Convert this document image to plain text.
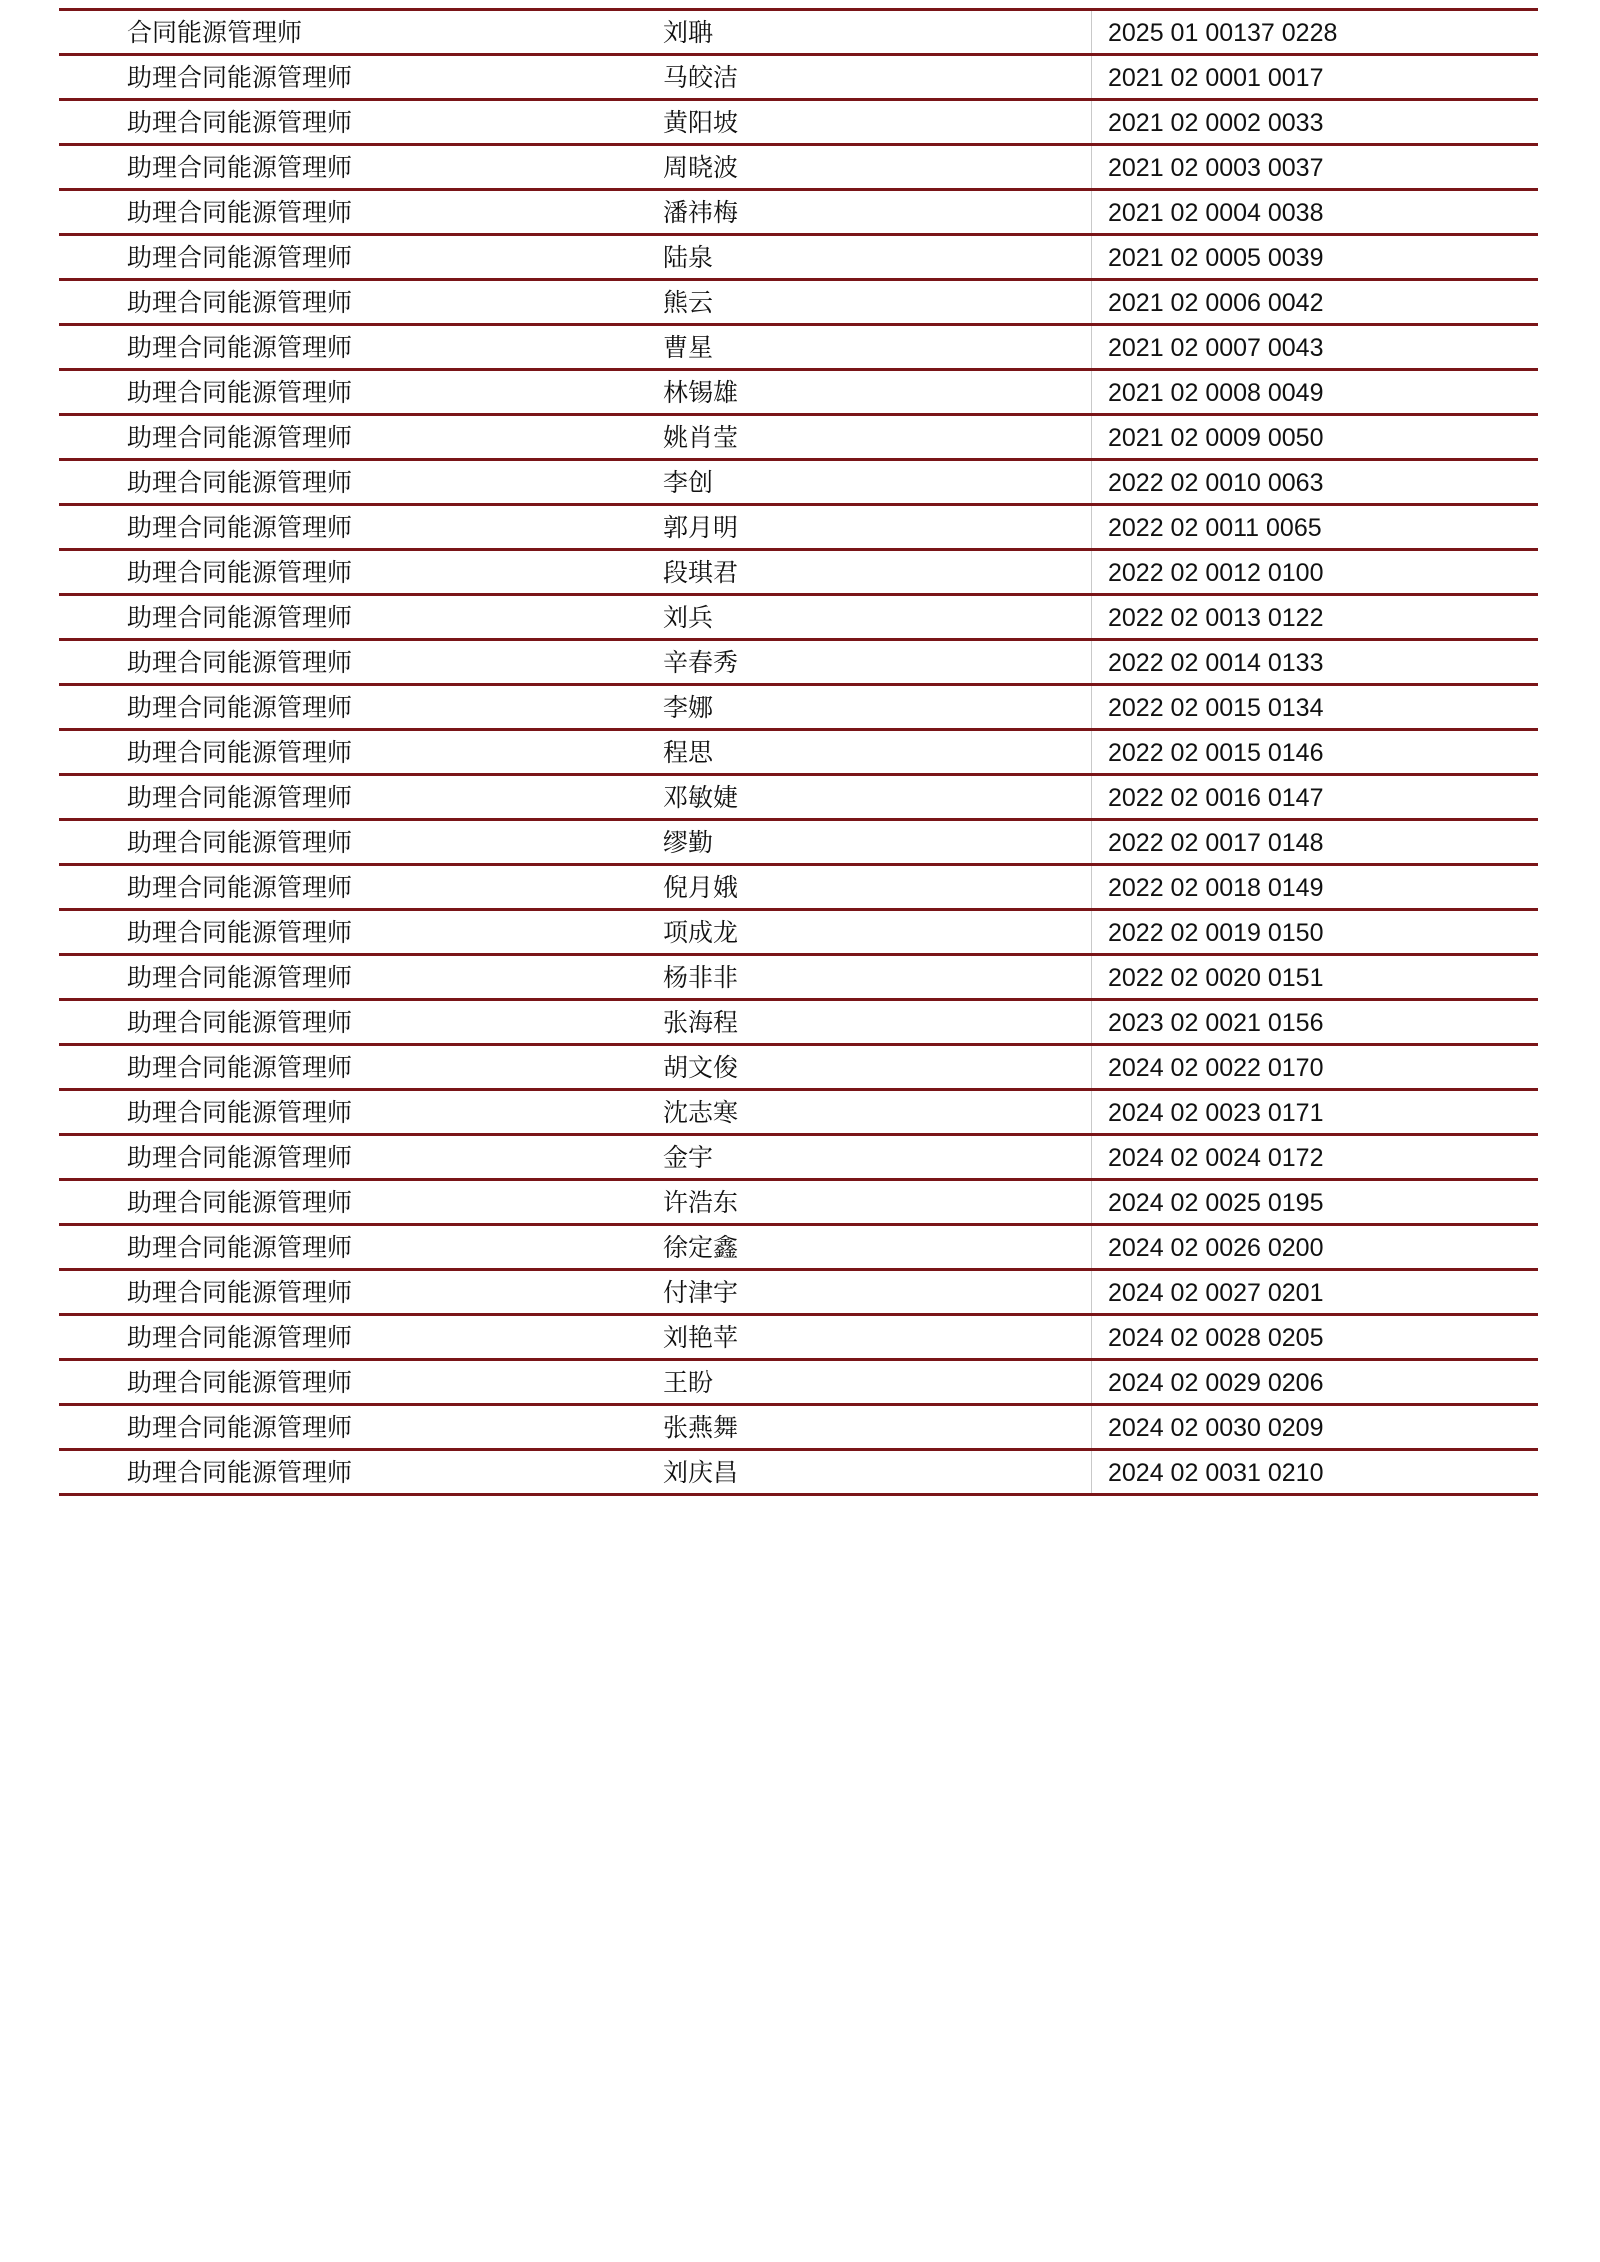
合同能源管理师	刘聃	2025 01 00137 0228
助理合同能源管理师	马皎洁	2021 02 0001 0017
助理合同能源管理师	黄阳坡	2021 02 0002 0033
助理合同能源管理师	周晓波	2021 02 0003 0037
助理合同能源管理师	潘祎梅	2021 02 0004 0038
助理合同能源管理师	陆泉	2021 02 0005 0039
助理合同能源管理师	熊云	2021 02 0006 0042
助理合同能源管理师	曹星	2021 02 0007 0043
助理合同能源管理师	林锡雄	2021 02 0008 0049
助理合同能源管理师	姚肖莹	2021 02 0009 0050
助理合同能源管理师	李创	2022 02 0010 0063
助理合同能源管理师	郭月明	2022 02 0011 0065
助理合同能源管理师	段琪君	2022 02 0012 0100
助理合同能源管理师	刘兵	2022 02 0013 0122
助理合同能源管理师	辛春秀	2022 02 0014 0133
助理合同能源管理师	李娜	2022 02 0015 0134
助理合同能源管理师	程思	2022 02 0015 0146
助理合同能源管理师	邓敏婕	2022 02 0016 0147
助理合同能源管理师	缪勤	2022 02 0017 0148
助理合同能源管理师	倪月娥	2022 02 0018 0149
助理合同能源管理师	项成龙	2022 02 0019 0150
助理合同能源管理师	杨非非	2022 02 0020 0151
助理合同能源管理师	张海程	2023 02 0021 0156
助理合同能源管理师	胡文俊	2024 02 0022 0170
助理合同能源管理师	沈志寒	2024 02 0023 0171
助理合同能源管理师	金宇	2024 02 0024 0172
助理合同能源管理师	许浩东	2024 02 0025 0195
助理合同能源管理师	徐定鑫	2024 02 0026 0200
助理合同能源管理师	付津宇	2024 02 0027 0201
助理合同能源管理师	刘艳苹	2024 02 0028 0205
助理合同能源管理师	王盼	2024 02 0029 0206
助理合同能源管理师	张燕舞	2024 02 0030 0209
助理合同能源管理师	刘庆昌	2024 02 0031 0210
